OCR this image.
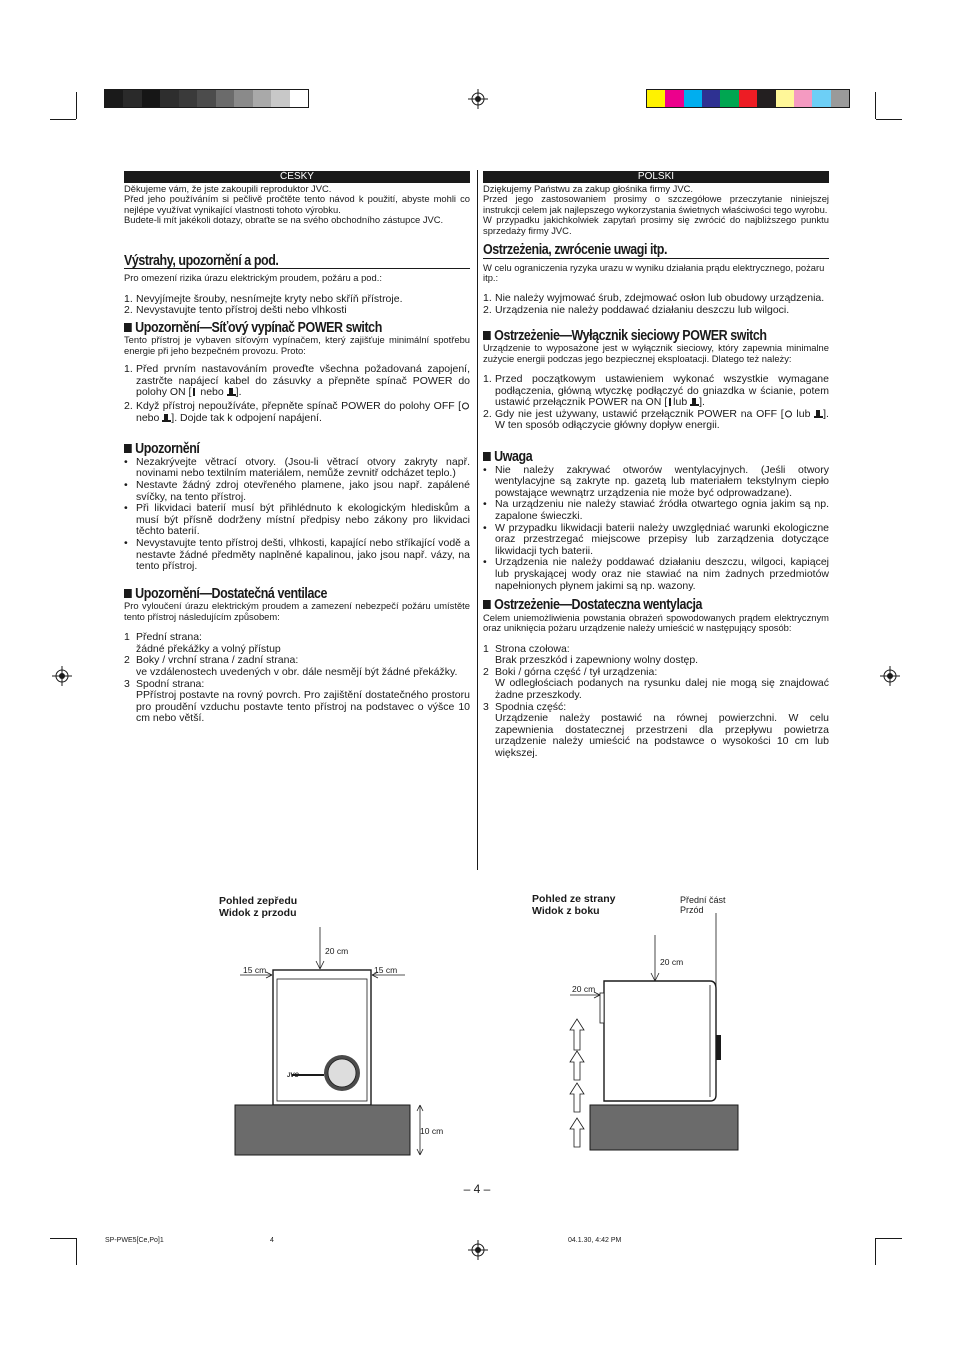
ČESKY

Děkujeme vám, že jste zakoupili reproduktor JVC.

Před jeho používáním si pečlivě pročtěte tento návod k použití, abyste mohli co nejlépe využívat vynikající vlastnosti tohoto výrobku.

Budete-li mít jakékoli dotazy, obraťte se na svého obchodního zástupce JVC.

Výstrahy, upozornění a pod.

Pro omezení rizika úrazu elektrickým proudem, požáru a pod.:

1. Nevyjímejte šrouby, nesnímejte kryty nebo skříň přístroje.
2. Nevystavujte tento přístroj dešti nebo vlhkosti
Upozornění—Síťový vypínač POWER switch

Tento přístroj je vybaven síťovým vypínačem, který zajišťuje minimální spotřebu energie při jeho bezpečném provozu. Proto:

1. Před prvním nastavováním proveďte všechna požadovaná zapojení, zastrčte napájecí kabel do zásuvky a přepněte spínač POWER do polohy ON [ nebo ].
2. Když přístroj nepoužíváte, přepněte spínač POWER do polohy OFF [ nebo ]. Dojde tak k odpojení napájení.
Upozornění
• Nezakrývejte větrací otvory. (Jsou-li větrací otvory zakryty např. novinami nebo textilním materiálem, nemůže zevnitř odcházet teplo.)
• Nestavte žádný zdroj otevřeného plamene, jako jsou např. zapálené svíčky, na tento přístroj.
• Při likvidaci baterií musí být přihlédnuto k ekologickým hlediskům a musí být přísně dodrženy místní předpisy nebo zákony pro likvidaci těchto baterií.
• Nevystavujte tento přístroj dešti, vlhkosti, kapající nebo stříkající vodě a nestavte žádné předměty naplněné kapalinou, jako jsou např. vázy, na tento přístroj.
Upozornění—Dostatečná ventilace

Pro vyloučení úrazu elektrickým proudem a zamezení nebezpečí požáru umístěte tento přístroj následujícím způsobem:

1 Přední strana:

žádné překážky a volný přístup

2 Boky / vrchní strana / zadní strana:

ve vzdálenostech uvedených v obr. dále nesmějí být žádné překážky.

3 Spodní strana:

PPřístroj postavte na rovný povrch. Pro zajištění dostatečného prostoru pro proudění vzduchu postavte tento přístroj na podstavec o výšce 10 cm nebo větší.

POLSKI

Dziękujemy Państwu za zakup głośnika firmy JVC.

Przed jego zastosowaniem prosimy o szczegółowe przeczytanie niniejszej instrukcji celem jak najlepszego wykorzystania świetnych właściwości tego wyrobu.

W przypadku jakichkolwiek zapytań prosimy się zwrócić do najbliższego punktu sprzedaży firmy JVC.

Ostrzeżenia, zwrócenie uwagi itp.

W celu ograniczenia ryzyka urazu w wyniku działania prądu elektrycznego, pożaru itp.:

1. Nie należy wyjmować śrub, zdejmować osłon lub obudowy urządzenia.
2. Urządzenia nie należy poddawać działaniu deszczu lub wilgoci.
Ostrzeżenie—Wyłącznik sieciowy POWER switch

Urządzenie to wyposażone jest w wyłącznik sieciowy, który zapewnia minimalne zużycie energii podczas jego bezpiecznej eksploatacji. Dlatego też należy:

1. Przed początkowym ustawieniem wykonać wszystkie wymagane podłączenia, główną wtyczkę podłączyć do gniazdka w ścianie, potem ustawić przełącznik POWER na ON [ lub ].
2. Gdy nie jest używany, ustawić przełącznik POWER na OFF [ lub ]. W ten sposób odłączycie główny dopływ energii.
Uwaga
• Nie należy zakrywać otworów wentylacyjnych. (Jeśli otwory wentylacyjne są zakryte np. gazetą lub materiałem tekstylnym ciepło powstające wewnątrz urządzenia nie może być odprowadzane).
• Na urządzeniu nie należy stawiać źródła otwartego ognia jakim są np. zapalone świeczki.
• W przypadku likwidacji baterii należy uwzględniać warunki ekologiczne oraz przestrzegać miejscowe przepisy lub zarządzenia dotyczące likwidacji tych baterii.
• Urządzenia nie należy poddawać działaniu deszczu, wilgoci, kapiącej lub pryskającej wody oraz nie stawiać na nim żadnych przedmiotów napełnionych płynem jakimi są np. wazony.
Ostrzeżenie—Dostateczna wentylacja

Celem uniemożliwienia powstania obrażeń spowodowanych prądem elektrycznym oraz uniknięcia pożaru urządzenie należy umieścić w następujący sposób:

1 Strona czołowa:

Brak przeszkód i zapewniony wolny dostęp.

2 Boki / górna część / tył urządzenia:

W odległościach podanych na rysunku dalej nie mogą się znajdować żadne przeszkody.

3 Spodnia część:

Urządzenie należy postawić na równej powierzchni. W celu zapewnienia dostatecznej przestrzeni dla przepływu powietrza urządzenie należy umieścić na podstawce o wysokości 10 cm lub większej.

Pohled zepředu
Widok z przodu
JVC
20 cm
15 cm	15 cm
10 cm
Pohled ze strany
Widok z boku
Přední část
Przód
20 cm
20 cm
– 4 –
SP-PWE5[Ce,Po]1	4	04.1.30, 4:42 PM
